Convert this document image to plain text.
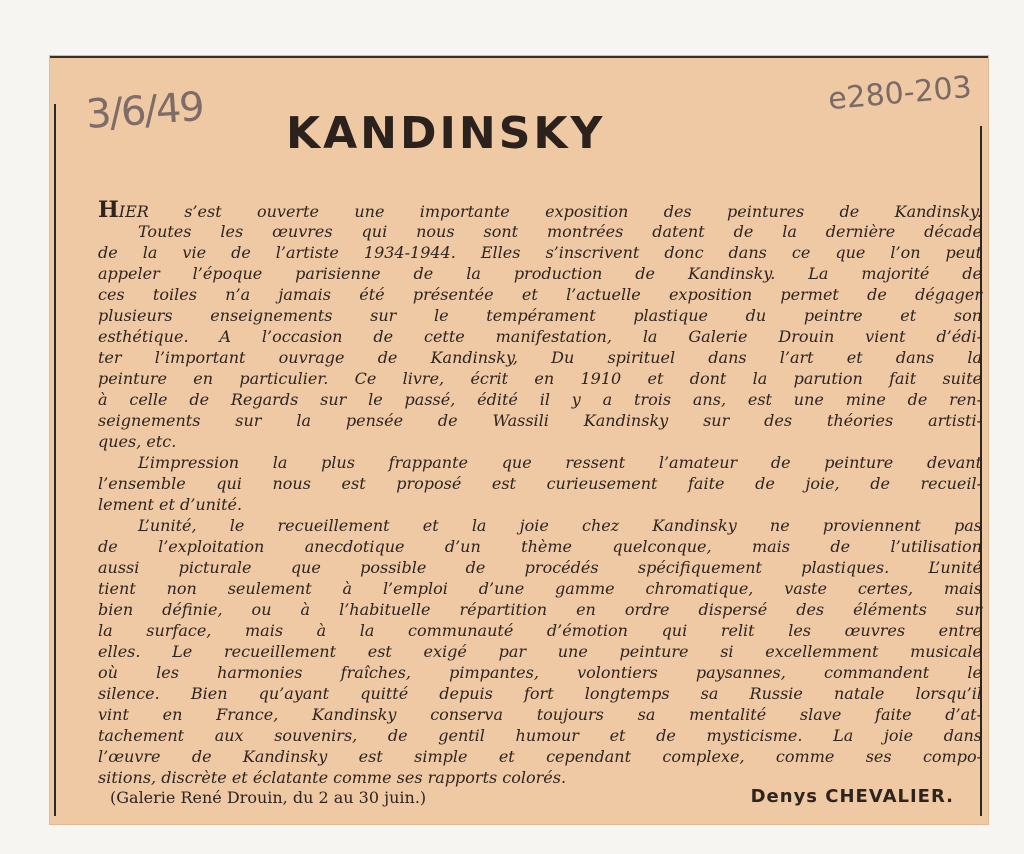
3/6/49	e280-203
KANDINSKY
HIER s’est ouverte une importante exposition des peintures de Kandinsky.
Toutes les œuvres qui nous sont montrées datent de la dernière décade
de la vie de l’artiste 1934-1944. Elles s’inscrivent donc dans ce que l’on peut
appeler l’époque parisienne de la production de Kandinsky. La majorité de
ces toiles n’a jamais été présentée et l’actuelle exposition permet de dégager
plusieurs enseignements sur le tempérament plastique du peintre et son
esthétique. A l’occasion de cette manifestation, la Galerie Drouin vient d’édi-
ter l’important ouvrage de Kandinsky, Du spirituel dans l’art et dans la
peinture en particulier. Ce livre, écrit en 1910 et dont la parution fait suite
à celle de Regards sur le passé, édité il y a trois ans, est une mine de ren-
seignements sur la pensée de Wassili Kandinsky sur des théories artisti-
ques, etc.
L’impression la plus frappante que ressent l’amateur de peinture devant
l’ensemble qui nous est proposé est curieusement faite de joie, de recueil-
lement et d’unité.
L’unité, le recueillement et la joie chez Kandinsky ne proviennent pas
de l’exploitation anecdotique d’un thème quelconque, mais de l’utilisation
aussi picturale que possible de procédés spécifiquement plastiques. L’unité
tient non seulement à l’emploi d’une gamme chromatique, vaste certes, mais
bien définie, ou à l’habituelle répartition en ordre dispersé des éléments sur
la surface, mais à la communauté d’émotion qui relit les œuvres entre
elles. Le recueillement est exigé par une peinture si excellemment musicale
où les harmonies fraîches, pimpantes, volontiers paysannes, commandent le
silence. Bien qu’ayant quitté depuis fort longtemps sa Russie natale lorsqu’il
vint en France, Kandinsky conserva toujours sa mentalité slave faite d’at-
tachement aux souvenirs, de gentil humour et de mysticisme. La joie dans
l’œuvre de Kandinsky est simple et cependant complexe, comme ses compo-
sitions, discrète et éclatante comme ses rapports colorés.
(Galerie René Drouin, du 2 au 30 juin.)	Denys CHEVALIER.
